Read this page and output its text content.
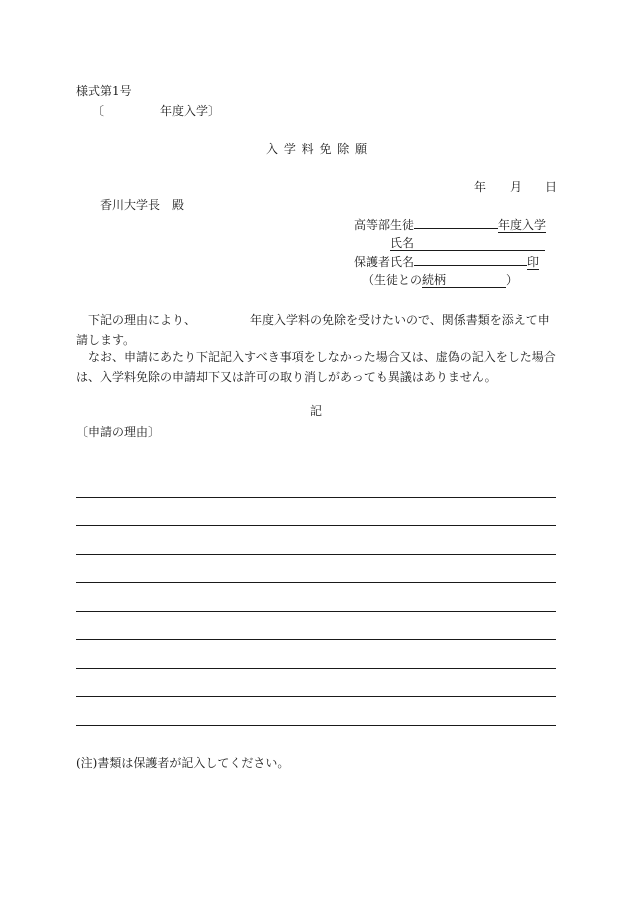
様式第1号
〔	年度入学〕
入 学 料 免 除 願
年 月 日
香川大学長　殿
高等部生徒	年度入学
氏名
保護者氏名	印
（生徒との続柄	）
下記の理由により、	年度入学料の免除を受けたいので、関係書類を添えて申請します。
なお、申請にあたり下記記入すべき事項をしなかった場合又は、虚偽の記入をした場合は、入学料免除の申請却下又は許可の取り消しがあっても異議はありません。
記
〔申請の理由〕
(注)書類は保護者が記入してください。
